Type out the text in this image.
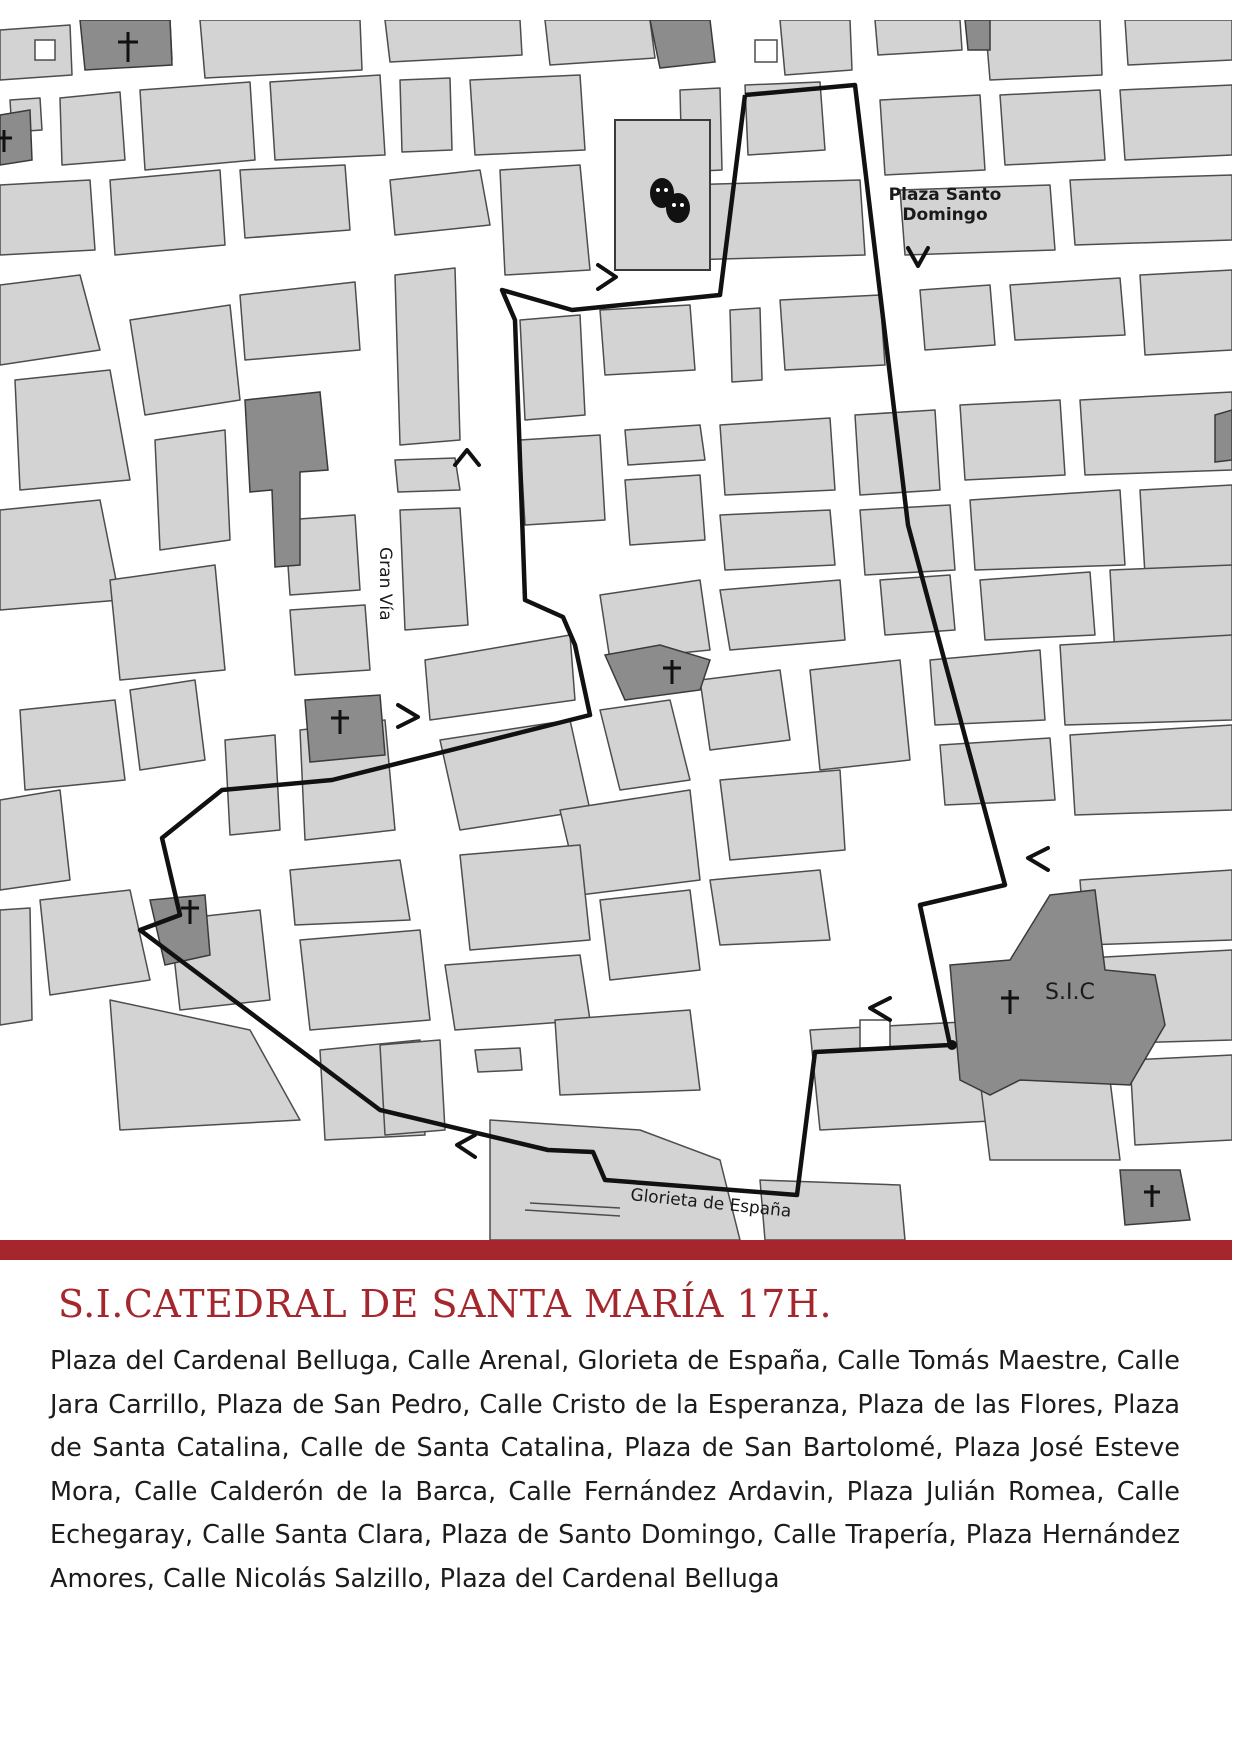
Plaza Santo
Domingo
Gran Vía
Glorieta de España
S.I.C
S.I.CATEDRAL DE SANTA MARÍA 17H.

Plaza del Cardenal Belluga, Calle Arenal, Glorieta de España, Calle Tomás Maestre, Calle Jara Carrillo, Plaza de San Pedro, Calle Cristo de la Esperanza, Plaza de las Flores, Plaza de Santa Catalina, Calle de Santa Catalina, Plaza de San Bartolomé, Plaza José Esteve Mora, Calle Calderón de la Barca, Calle Fernández Ardavin, Plaza Julián Romea, Calle Echegaray, Calle Santa Clara, Plaza de Santo Domingo, Calle Trapería, Plaza Hernández Amores, Calle Nicolás Salzillo, Plaza del Cardenal Belluga
